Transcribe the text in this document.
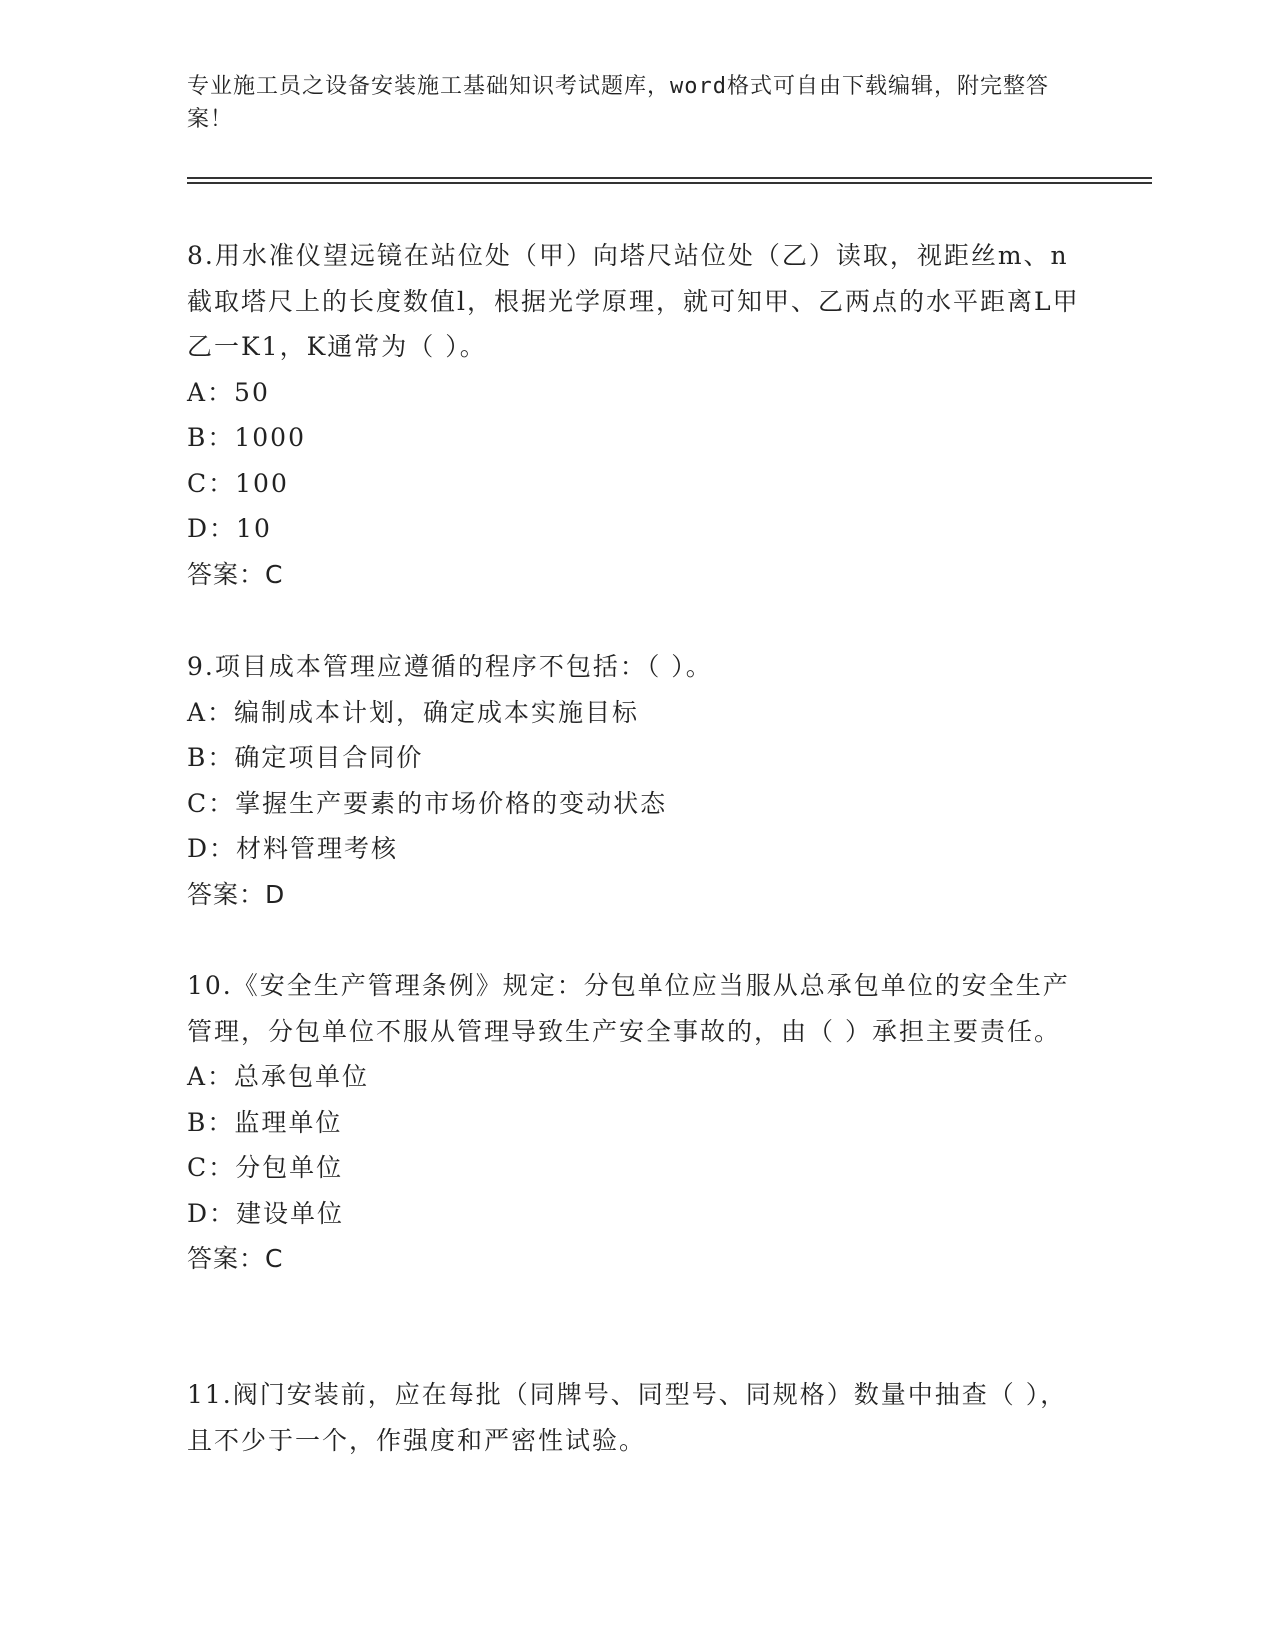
专业施工员之设备安装施工基础知识考试题库，word格式可自由下载编辑，附完整答案！

8.用水准仪望远镜在站位处（甲）向塔尺站位处（乙）读取，视距丝m、n截取塔尺上的长度数值l，根据光学原理，就可知甲、乙两点的水平距离L甲乙一K1，K通常为（ ）。

A：50

B：1000

C：100

D：10

答案：C

9.项目成本管理应遵循的程序不包括：（ ）。

A：编制成本计划，确定成本实施目标

B：确定项目合同价

C：掌握生产要素的市场价格的变动状态

D：材料管理考核

答案：D

10.《安全生产管理条例》规定：分包单位应当服从总承包单位的安全生产管理，分包单位不服从管理导致生产安全事故的，由（ ）承担主要责任。

A：总承包单位

B：监理单位

C：分包单位

D：建设单位

答案：C

11.阀门安装前，应在每批（同牌号、同型号、同规格）数量中抽查（ ），且不少于一个，作强度和严密性试验。
